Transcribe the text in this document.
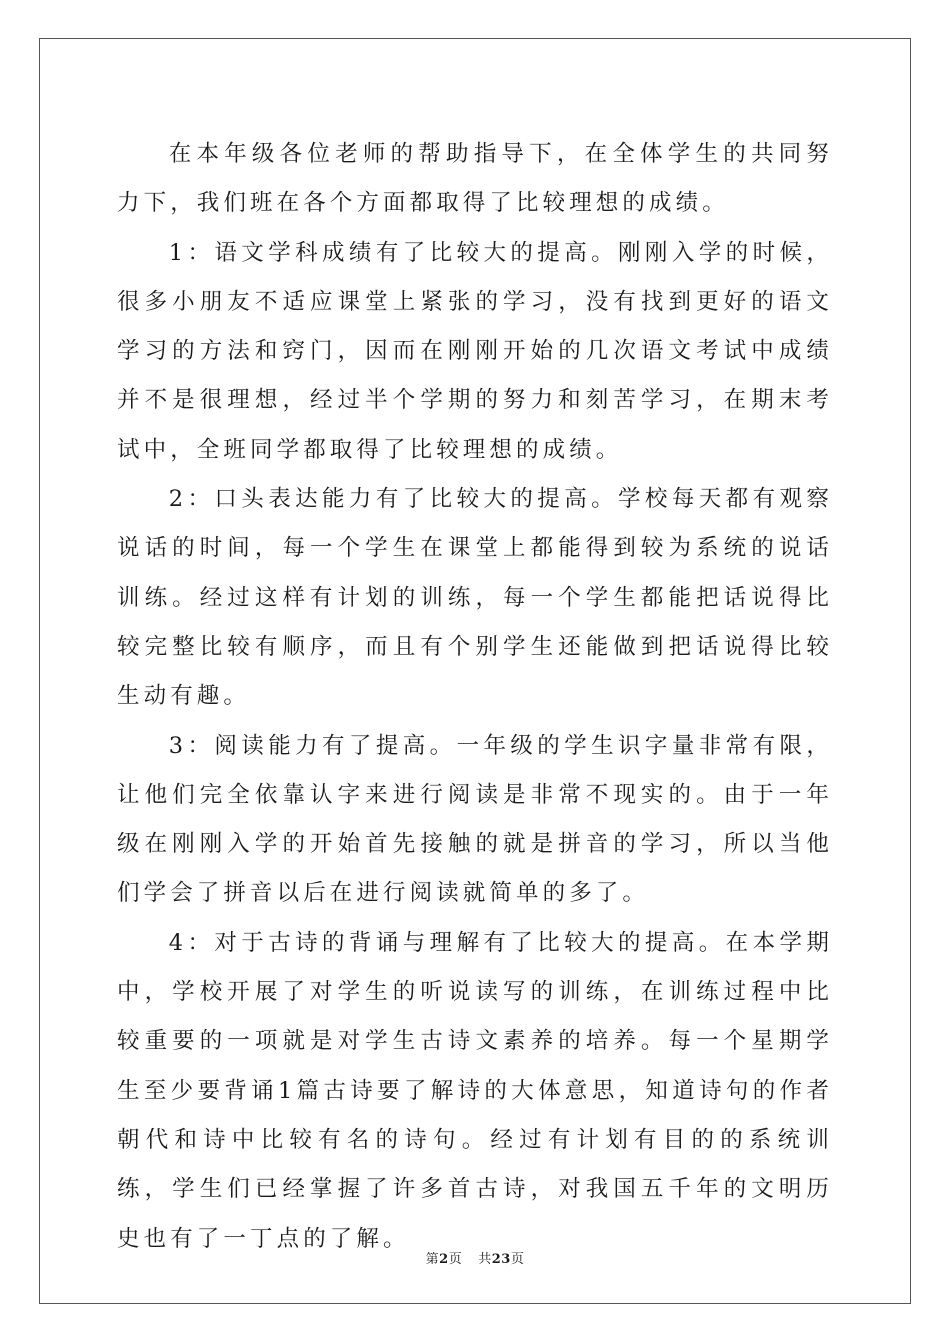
在本年级各位老师的帮助指导下，在全体学生的共同努力下，我们班在各个方面都取得了比较理想的成绩。

1：语文学科成绩有了比较大的提高。刚刚入学的时候，很多小朋友不适应课堂上紧张的学习，没有找到更好的语文学习的方法和窍门，因而在刚刚开始的几次语文考试中成绩并不是很理想，经过半个学期的努力和刻苦学习，在期末考试中，全班同学都取得了比较理想的成绩。

2：口头表达能力有了比较大的提高。学校每天都有观察说话的时间，每一个学生在课堂上都能得到较为系统的说话训练。经过这样有计划的训练，每一个学生都能把话说得比较完整比较有顺序，而且有个别学生还能做到把话说得比较生动有趣。

3：阅读能力有了提高。一年级的学生识字量非常有限，让他们完全依靠认字来进行阅读是非常不现实的。由于一年级在刚刚入学的开始首先接触的就是拼音的学习，所以当他们学会了拼音以后在进行阅读就简单的多了。

4：对于古诗的背诵与理解有了比较大的提高。在本学期中，学校开展了对学生的听说读写的训练，在训练过程中比较重要的一项就是对学生古诗文素养的培养。每一个星期学生至少要背诵1篇古诗要了解诗的大体意思，知道诗句的作者朝代和诗中比较有名的诗句。经过有计划有目的的系统训练，学生们已经掌握了许多首古诗，对我国五千年的文明历史也有了一丁点的了解。

第2页 共23页
